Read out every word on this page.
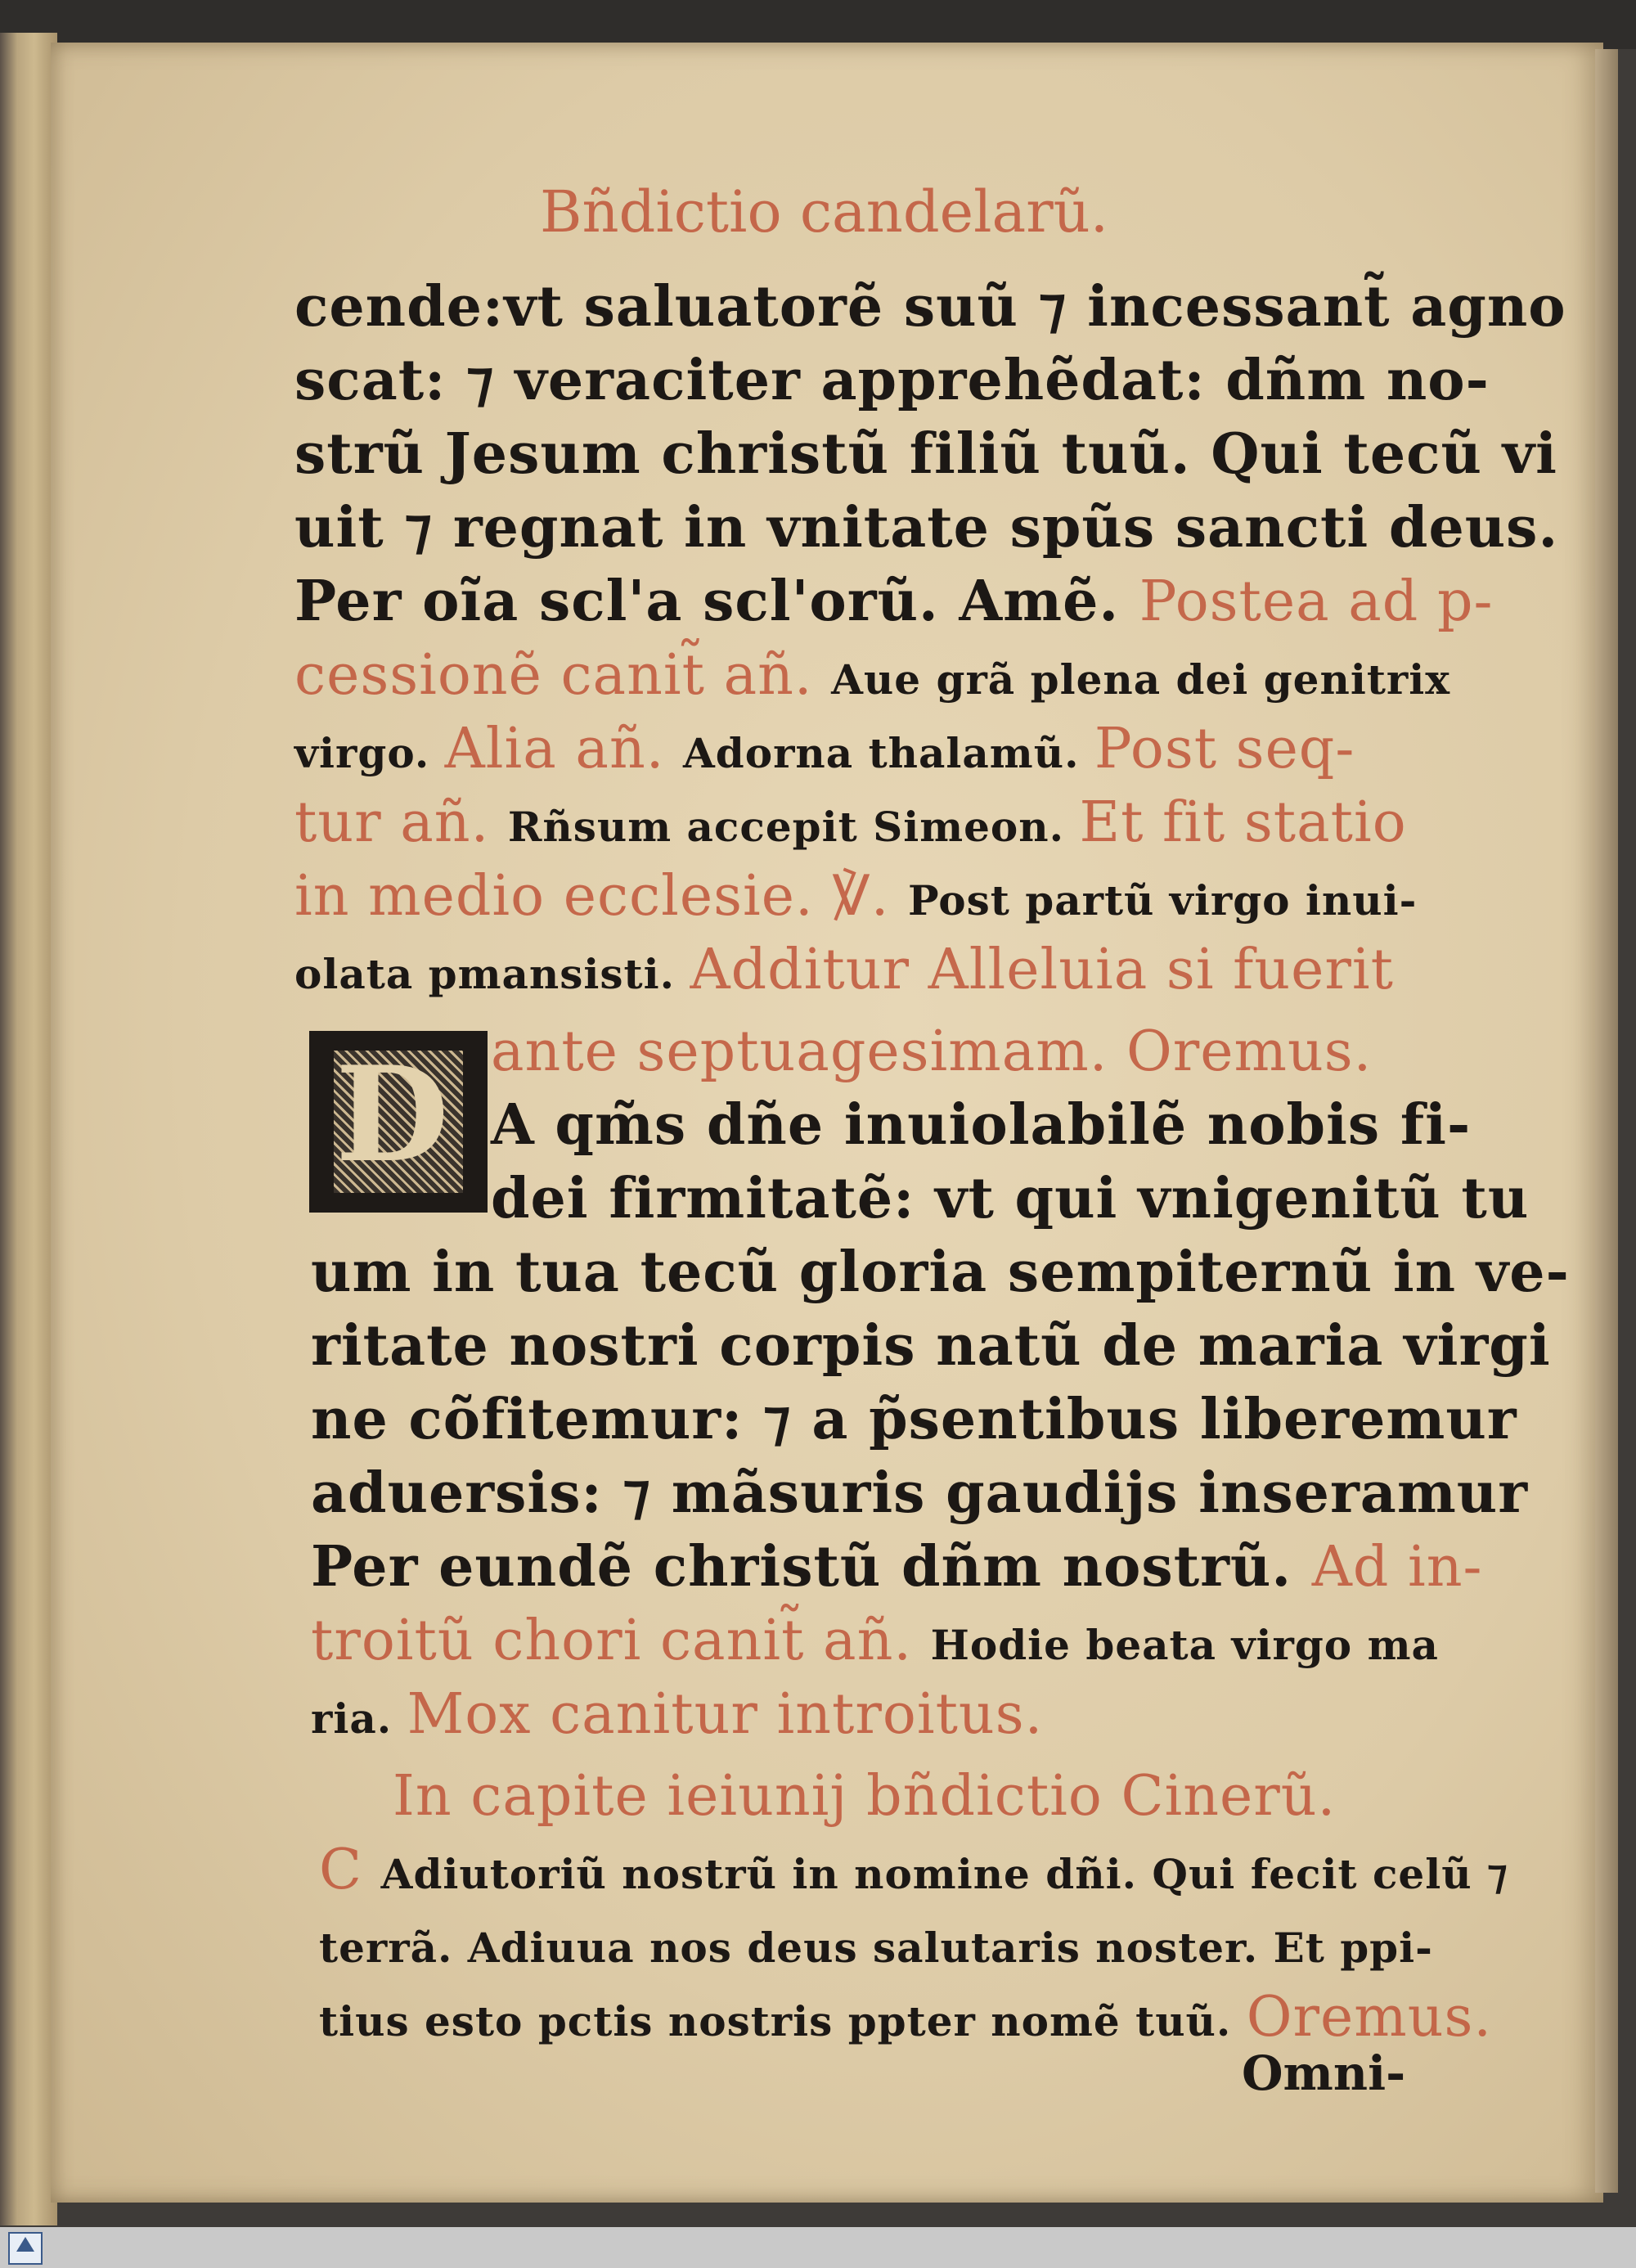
Bñdictio candelarũ.
D
cende:vt saluatorẽ suũ ⁊ incessant̃ agno
scat: ⁊ veraciter apprehẽdat: dñm no-
strũ Jesum christũ filiũ tuũ. Qui tecũ vi
uit ⁊ regnat in vnitate spũs sancti deus.
Per oĩa scl'a scl'orũ. Amẽ. Postea ad p-
cessionẽ canit̃ añ. Aue grã plena dei genitrix
virgo. Alia añ. Adorna thalamũ. Post seq-
tur añ. Rñsum accepit Simeon. Et fit statio
in medio ecclesie. ℣. Post partũ virgo inui-
olata pmansisti. Additur Alleluia si fuerit
ante septuagesimam. Oremus.
A qm̃s dñe inuiolabilẽ nobis fi-
dei firmitatẽ: vt qui vnigenitũ tu
um in tua tecũ gloria sempiternũ in ve-
ritate nostri corpis natũ de maria virgi
ne cõfitemur: ⁊ a p̃sentibus liberemur
aduersis: ⁊ mãsuris gaudijs inseramur
Per eundẽ christũ dñm nostrũ. Ad in-
troitũ chori canit̃ añ. Hodie beata virgo ma
ria. Mox canitur introitus.
In capite ieiunij bñdictio Cinerũ.
C Adiutoriũ nostrũ in nomine dñi. Qui fecit celũ ⁊
terrã. Adiuua nos deus salutaris noster. Et ppi-
tius esto pctis nostris ppter nomẽ tuũ. Oremus.
Omni-
